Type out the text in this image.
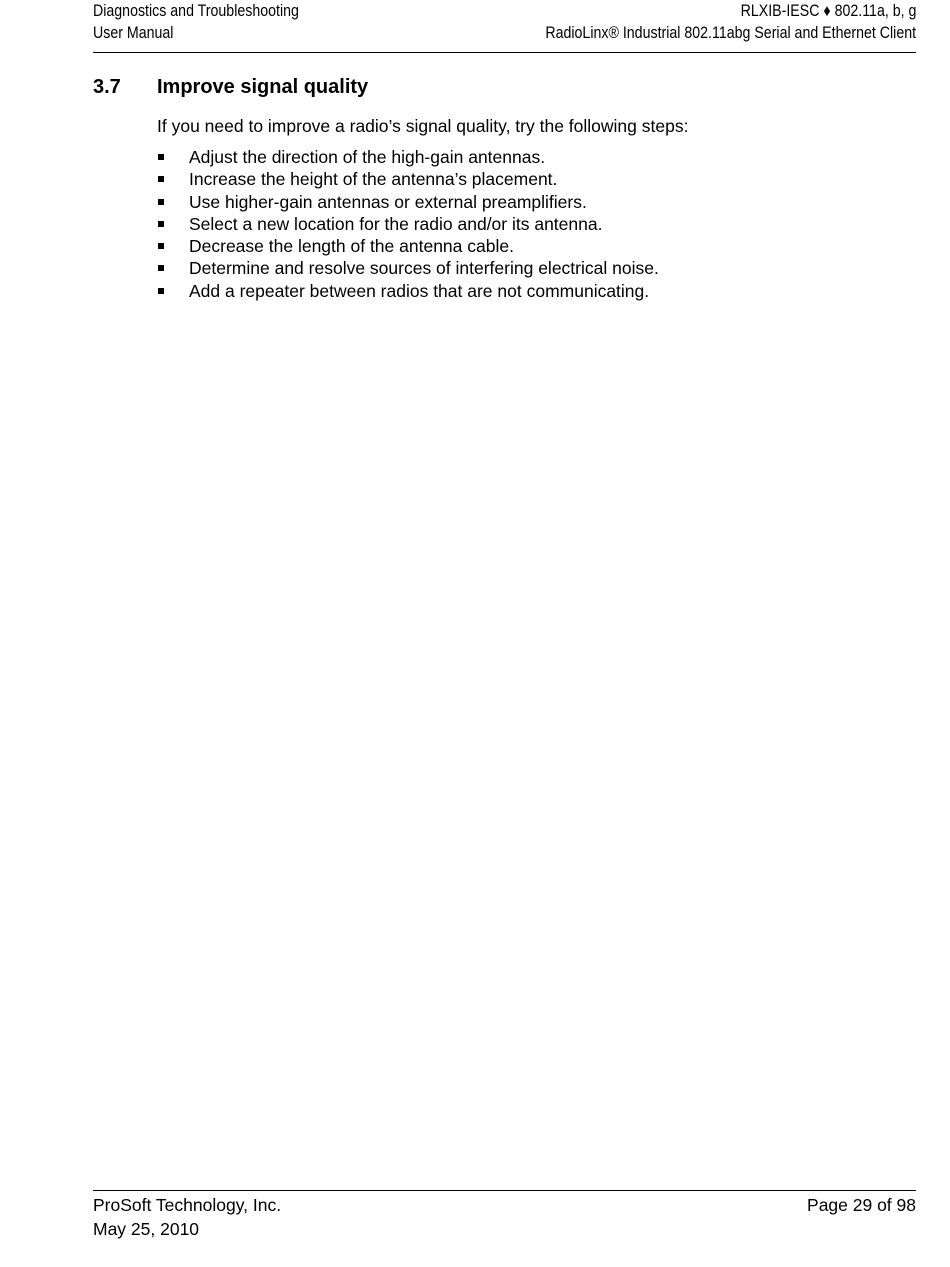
Diagnostics and Troubleshooting	RLXIB-IESC ♦ 802.11a, b, g
User Manual	RadioLinx® Industrial 802.11abg Serial and Ethernet Client
3.7 Improve signal quality
If you need to improve a radio’s signal quality, try the following steps:
Adjust the direction of the high-gain antennas.
Increase the height of the antenna’s placement.
Use higher-gain antennas or external preamplifiers.
Select a new location for the radio and/or its antenna.
Decrease the length of the antenna cable.
Determine and resolve sources of interfering electrical noise.
Add a repeater between radios that are not communicating.
ProSoft Technology, Inc.	Page 29 of 98
May 25, 2010
